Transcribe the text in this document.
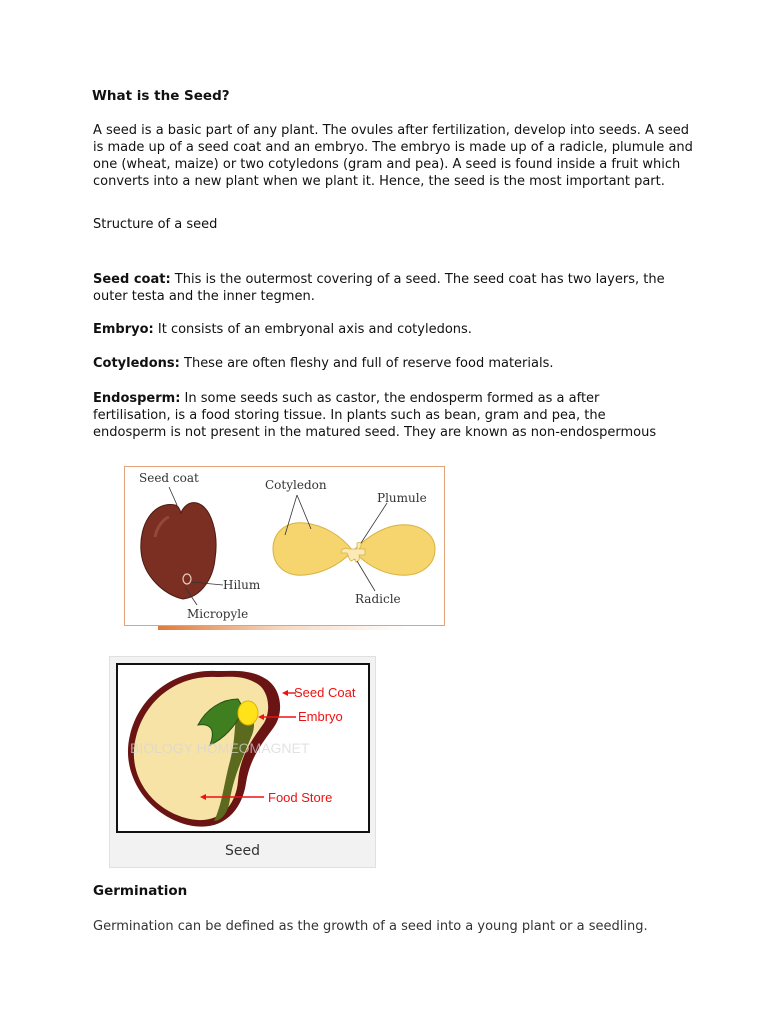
What is the Seed?

A seed is a basic part of any plant. The ovules after fertilization, develop into seeds. A seed is made up of a seed coat and an embryo. The embryo is made up of a radicle, plumule and one (wheat, maize) or two cotyledons (gram and pea). A seed is found inside a fruit which converts into a new plant when we plant it. Hence, the seed is the most important part.

Structure of a seed

Seed coat: This is the outermost covering of a seed. The seed coat has two layers, the outer testa and the inner tegmen.

Embryo: It consists of an embryonal axis and cotyledons.

Cotyledons: These are often fleshy and full of reserve food materials.

Endosperm: In some seeds such as castor, the endosperm formed as a after fertilisation, is a food storing tissue. In plants such as bean, gram and pea, the endosperm is not present in the matured seed. They are known as non-endospermous

Seed coat
Hilum
Micropyle
Cotyledon
Plumule
Radicle
BIOLOGY HOMEOMAGNET
Seed Coat
Embryo
Food Store
Seed
Germination

Germination can be defined as the growth of a seed into a young plant or a seedling.
